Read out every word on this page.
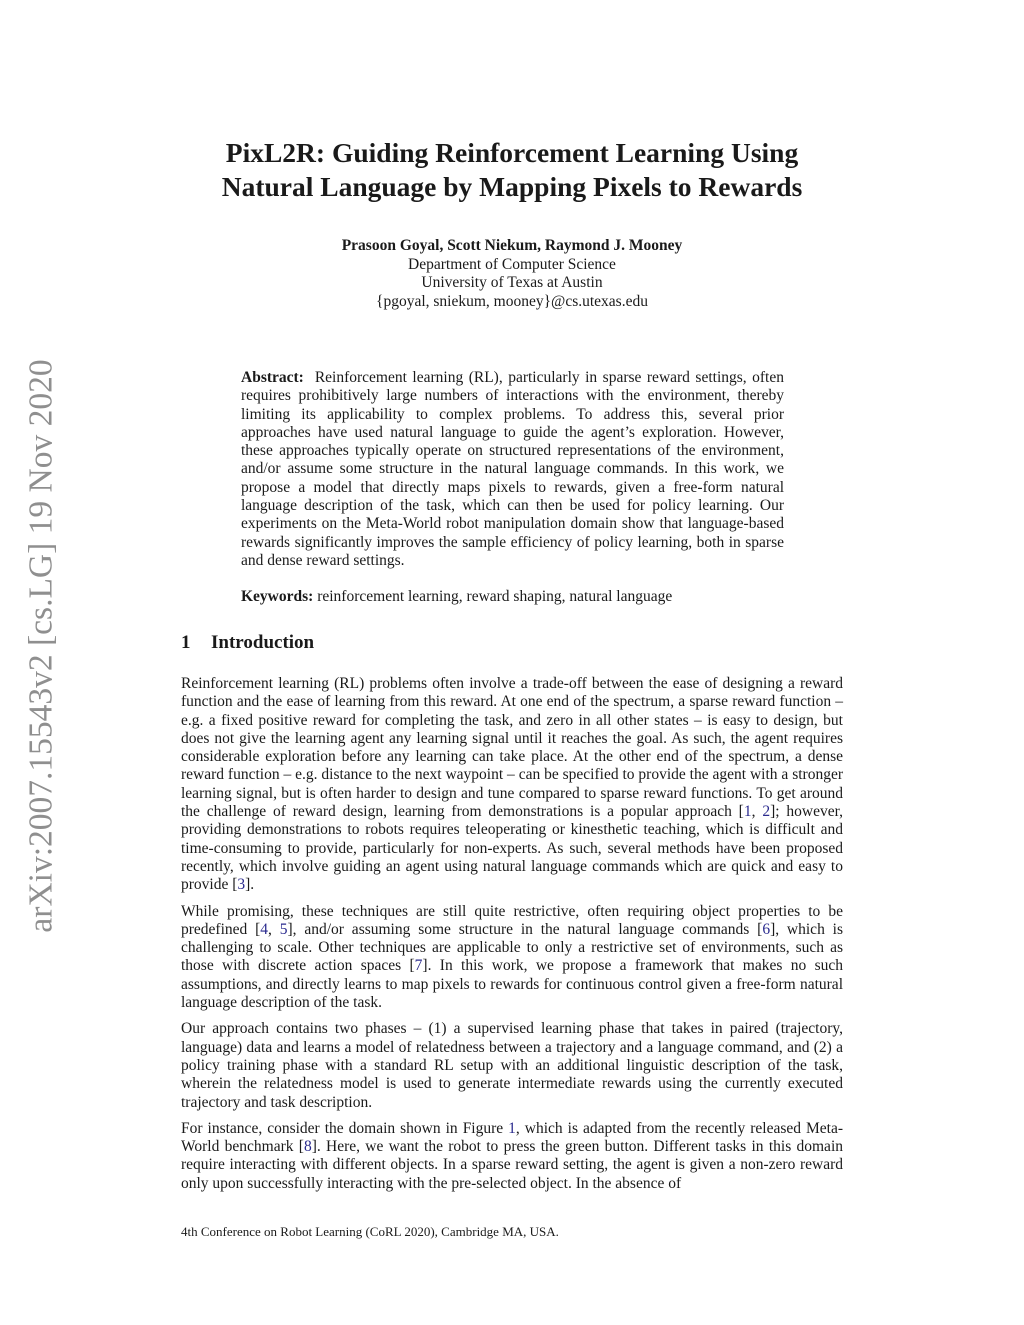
arXiv:2007.15543v2 [cs.LG] 19 Nov 2020
PixL2R: Guiding Reinforcement Learning Using
Natural Language by Mapping Pixels to Rewards
Prasoon Goyal, Scott Niekum, Raymond J. Mooney
Department of Computer Science
University of Texas at Austin
{pgoyal, sniekum, mooney}@cs.utexas.edu
Abstract: Reinforcement learning (RL), particularly in sparse reward settings, often requires prohibitively large numbers of interactions with the environment, thereby limiting its applicability to complex problems. To address this, several prior approaches have used natural language to guide the agent’s exploration. However, these approaches typically operate on structured representations of the environment, and/or assume some structure in the natural language commands. In this work, we propose a model that directly maps pixels to rewards, given a free-form natural language description of the task, which can then be used for policy learning. Our experiments on the Meta-World robot manipulation domain show that language-based rewards significantly improves the sample efficiency of policy learning, both in sparse and dense reward settings.
Keywords: reinforcement learning, reward shaping, natural language
1 Introduction

Reinforcement learning (RL) problems often involve a trade-off between the ease of designing a reward function and the ease of learning from this reward. At one end of the spectrum, a sparse reward function – e.g. a fixed positive reward for completing the task, and zero in all other states – is easy to design, but does not give the learning agent any learning signal until it reaches the goal. As such, the agent requires considerable exploration before any learning can take place. At the other end of the spectrum, a dense reward function – e.g. distance to the next waypoint – can be specified to provide the agent with a stronger learning signal, but is often harder to design and tune compared to sparse reward functions. To get around the challenge of reward design, learning from demonstrations is a popular approach [1, 2]; however, providing demonstrations to robots requires teleoperating or kinesthetic teaching, which is difficult and time-consuming to provide, particularly for non-experts. As such, several methods have been proposed recently, which involve guiding an agent using natural language commands which are quick and easy to provide [3].

While promising, these techniques are still quite restrictive, often requiring object properties to be predefined [4, 5], and/or assuming some structure in the natural language commands [6], which is challenging to scale. Other techniques are applicable to only a restrictive set of environments, such as those with discrete action spaces [7]. In this work, we propose a framework that makes no such assumptions, and directly learns to map pixels to rewards for continuous control given a free-form natural language description of the task.

Our approach contains two phases – (1) a supervised learning phase that takes in paired (trajectory, language) data and learns a model of relatedness between a trajectory and a language command, and (2) a policy training phase with a standard RL setup with an additional linguistic description of the task, wherein the relatedness model is used to generate intermediate rewards using the currently executed trajectory and task description.

For instance, consider the domain shown in Figure 1, which is adapted from the recently released Meta-World benchmark [8]. Here, we want the robot to press the green button. Different tasks in this domain require interacting with different objects. In a sparse reward setting, the agent is given a non-zero reward only upon successfully interacting with the pre-selected object. In the absence of

4th Conference on Robot Learning (CoRL 2020), Cambridge MA, USA.
